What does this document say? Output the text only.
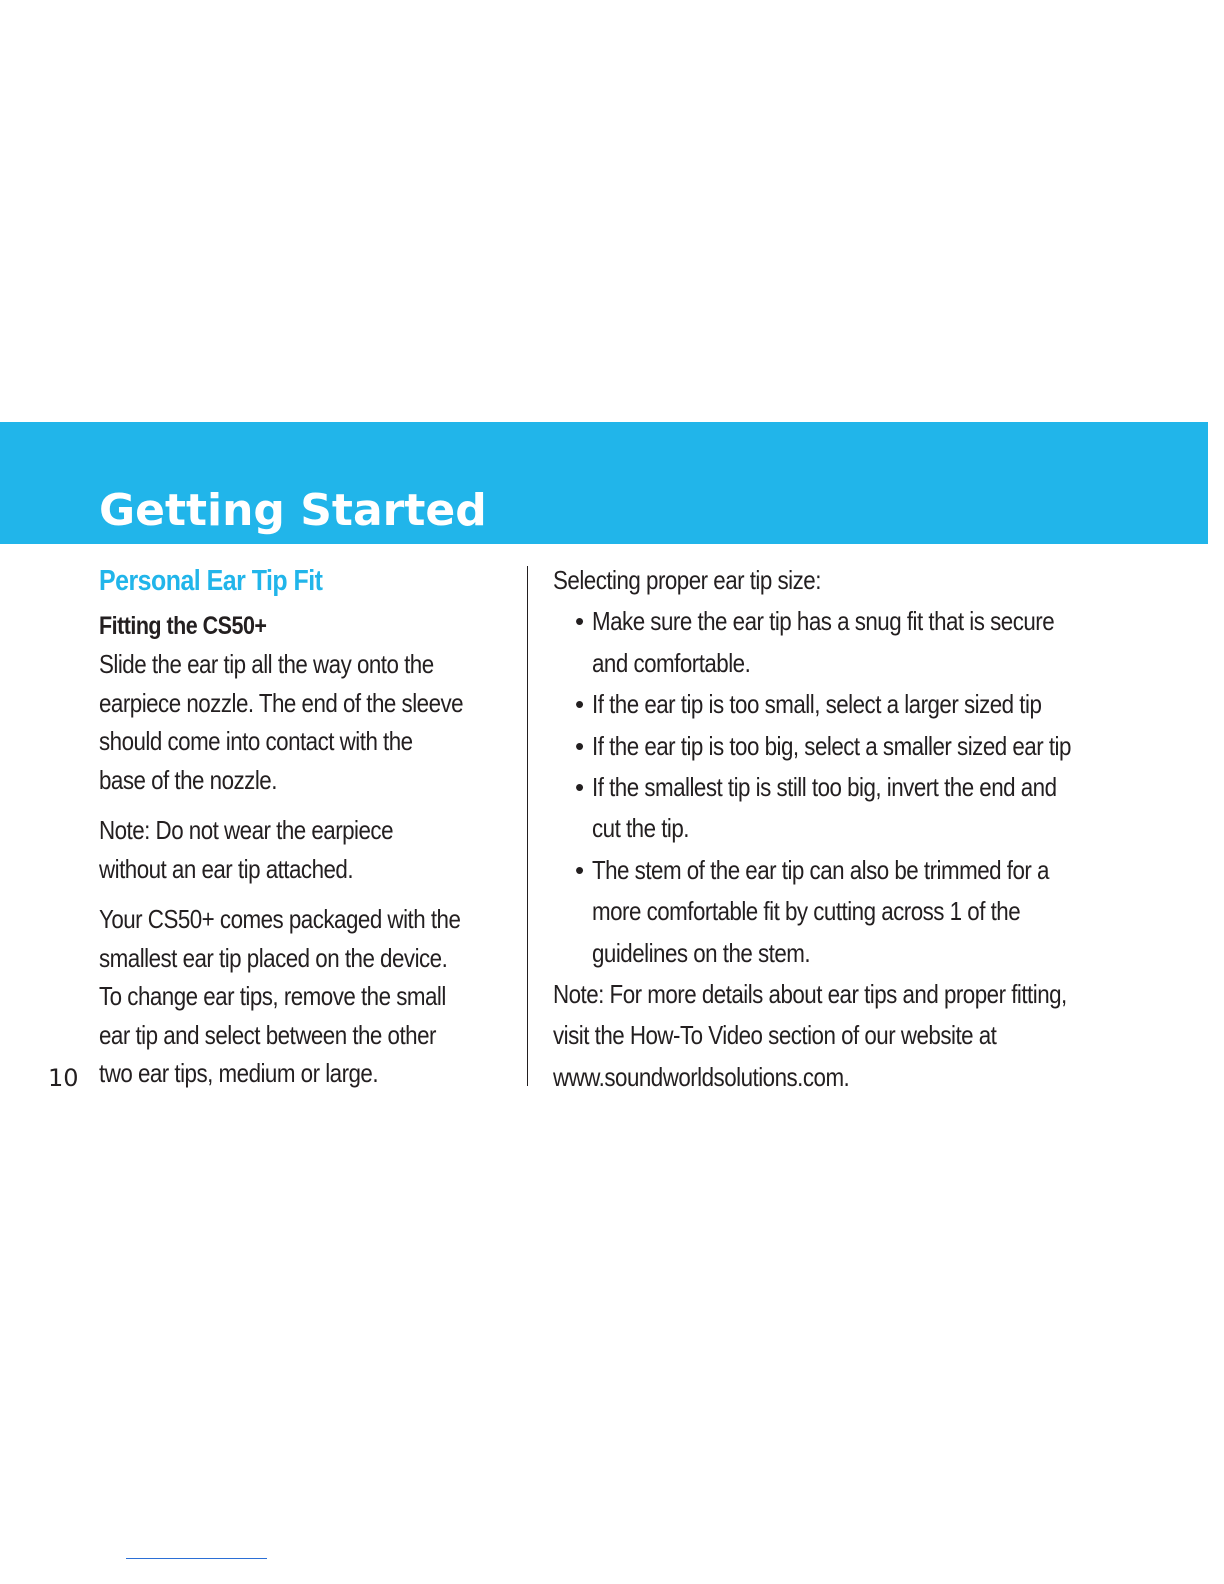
Getting Started
Personal Ear Tip Fit
Fitting the CS50+

Slide the ear tip all the way onto the
earpiece nozzle. The end of the sleeve
should come into contact with the
base of the nozzle.

Note: Do not wear the earpiece
without an ear tip attached.

Your CS50+ comes packaged with the
smallest ear tip placed on the device.
To change ear tips, remove the small
ear tip and select between the other
two ear tips, medium or large.

Selecting proper ear tip size:
• Make sure the ear tip has a snug fit that is secure
and comfortable.
• If the ear tip is too small, select a larger sized tip
• If the ear tip is too big, select a smaller sized ear tip
• If the smallest tip is still too big, invert the end and
cut the tip.
• The stem of the ear tip can also be trimmed for a
more comfortable fit by cutting across 1 of the
guidelines on the stem.
Note: For more details about ear tips and proper fitting,
visit the How-To Video section of our website at
www.soundworldsolutions.com.
10
